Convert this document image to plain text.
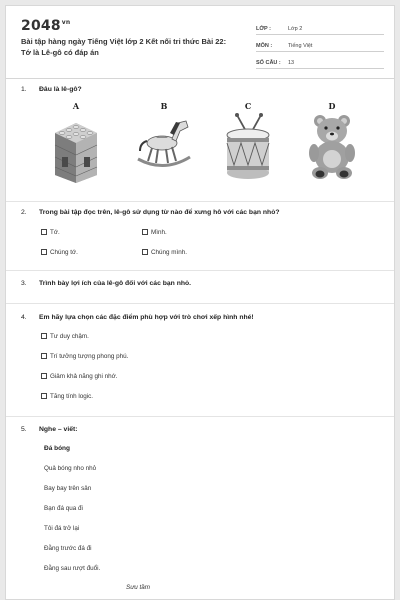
$2048^{vn}$
Bài tập hàng ngày Tiếng Việt lớp 2 Kết nối tri thức Bài 22: Tớ là Lê-gô có đáp án
LỚP :	Lớp 2
MÔN :	Tiếng Việt
SỐ CÂU :	13
1. Đâu là lê-gô?
A	B	C	D
2. Trong bài tập đọc trên, lê-gô sử dụng từ nào để xưng hô với các bạn nhỏ?
Tớ.	Mình.
Chúng tớ.	Chúng mình.
3. Trình bày lợi ích của lê-gô đối với các bạn nhỏ.
4. Em hãy lựa chọn các đặc điểm phù hợp với trò chơi xếp hình nhé!
Tư duy chậm.
Trí tưởng tượng phong phú.
Giảm khả năng ghi nhớ.
Tăng tính logic.
5. Nghe – viết:
Đá bóng
Quả bóng nho nhỏ
Bay bay trên sân
Bạn đá qua đi
Tôi đá trở lại
Đằng trước đá đi
Đằng sau rượt đuổi.
Sưu tầm
